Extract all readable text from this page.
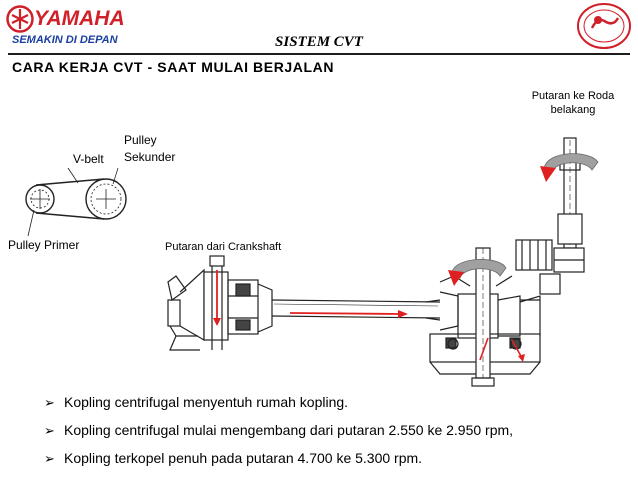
YAMAHA
SEMAKIN DI DEPAN	SISTEM CVT
CARA KERJA CVT - SAAT MULAI BERJALAN
Pulley
Sekunder
V-belt
Pulley Primer	Putaran dari Crankshaft
Putaran ke Roda
belakang
➢ Kopling centrifugal menyentuh rumah kopling.
➢ Kopling centrifugal mulai mengembang dari putaran 2.550 ke 2.950 rpm,
➢ Kopling terkopel penuh pada putaran 4.700 ke 5.300 rpm.
